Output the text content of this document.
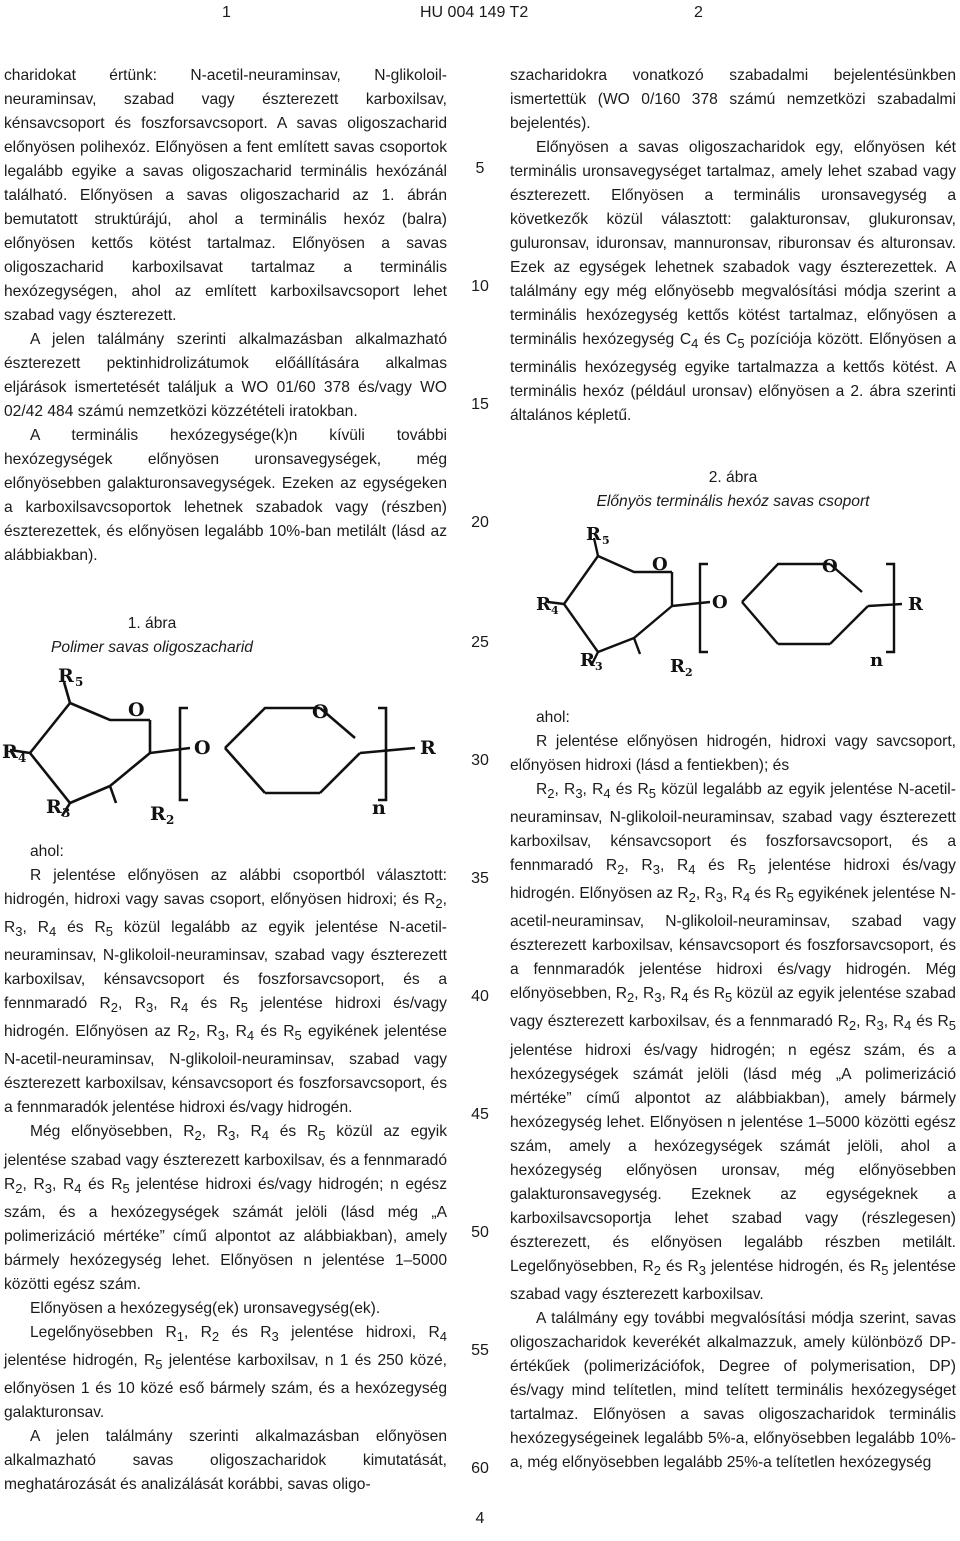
1	HU 004 149 T2	2

charidokat értünk: N-acetil-neuraminsav, N-glikoloil-neuraminsav, szabad vagy észterezett karboxilsav, kénsavcsoport és foszforsavcsoport. A savas oligoszacharid előnyösen polihexóz. Előnyösen a fent említett savas csoportok legalább egyike a savas oligoszacharid terminális hexózánál található. Előnyösen a savas oligoszacharid az 1. ábrán bemutatott struktúrájú, ahol a terminális hexóz (balra) előnyösen kettős kötést tartalmaz. Előnyösen a savas oligoszacharid karboxilsavat tartalmaz a terminális hexózegységen, ahol az említett karboxilsavcsoport lehet szabad vagy észterezett.

A jelen találmány szerinti alkalmazásban alkalmazható észterezett pektinhidrolizátumok előállítására alkalmas eljárások ismertetését találjuk a WO 01/60 378 és/vagy WO 02/42 484 számú nemzetközi közzétételi iratokban.

A terminális hexózegysége(k)n kívüli további hexózegységek előnyösen uronsavegységek, még előnyösebben galakturonsavegységek. Ezeken az egységeken a karboxilsavcsoportok lehetnek szabadok vagy (részben) észterezettek, és előnyösen legalább 10%-ban metilált (lásd az alábbiakban).

1. ábra
Polimer savas oligoszacharid
R 5
O
R 4	O
O
R
R 3	R 2
n

ahol:

R jelentése előnyösen az alábbi csoportból választott: hidrogén, hidroxi vagy savas csoport, előnyösen hidroxi; és $R_2$, $R_3$, $R_4$ és $R_5$ közül legalább az egyik jelentése N-acetil-neuraminsav, N-glikoloil-neuraminsav, szabad vagy észterezett karboxilsav, kénsavcsoport és foszforsavcsoport, és a fennmaradó $R_2$, $R_3$, $R_4$ és $R_5$ jelentése hidroxi és/vagy hidrogén. Előnyösen az $R_2$, $R_3$, $R_4$ és $R_5$ egyikének jelentése N-acetil-neuraminsav, N-glikoloil-neuraminsav, szabad vagy észterezett karboxilsav, kénsavcsoport és foszforsavcsoport, és a fennmaradók jelentése hidroxi és/vagy hidrogén.

Még előnyösebben, $R_2$, $R_3$, $R_4$ és $R_5$ közül az egyik jelentése szabad vagy észterezett karboxilsav, és a fennmaradó $R_2$, $R_3$, $R_4$ és $R_5$ jelentése hidroxi és/vagy hidrogén; n egész szám, és a hexózegységek számát jelöli (lásd még „A polimerizáció mértéke” című alpontot az alábbiakban), amely bármely hexózegység lehet. Előnyösen n jelentése 1–5000 közötti egész szám.

Előnyösen a hexózegység(ek) uronsavegység(ek).

Legelőnyösebben $R_1$, $R_2$ és $R_3$ jelentése hidroxi, $R_4$ jelentése hidrogén, $R_5$ jelentése karboxilsav, n 1 és 250 közé, előnyösen 1 és 10 közé eső bármely szám, és a hexózegység galakturonsav.

A jelen találmány szerinti alkalmazásban előnyösen alkalmazható savas oligoszacharidok kimutatását, meghatározását és analizálását korábbi, savas oligo-

5
10
15
20
25
30
35
40
45
50
55
60

szacharidokra vonatkozó szabadalmi bejelentésünkben ismertettük (WO 0/160 378 számú nemzetközi szabadalmi bejelentés).

Előnyösen a savas oligoszacharidok egy, előnyösen két terminális uronsavegységet tartalmaz, amely lehet szabad vagy észterezett. Előnyösen a terminális uronsavegység a következők közül választott: galakturonsav, glukuronsav, guluronsav, iduronsav, mannuronsav, riburonsav és alturonsav. Ezek az egységek lehetnek szabadok vagy észterezettek. A találmány egy még előnyösebb megvalósítási módja szerint a terminális hexózegység kettős kötést tartalmaz, előnyösen a terminális hexózegység $C_4$ és $C_5$ pozíciója között. Előnyösen a terminális hexózegység egyike tartalmazza a kettős kötést. A terminális hexóz (például uronsav) előnyösen a 2. ábra szerinti általános képletű.

2. ábra
Előnyös terminális hexóz savas csoport
R 5
O
R 4	O
O
R
R 3	R 2
n

ahol:

R jelentése előnyösen hidrogén, hidroxi vagy savcsoport, előnyösen hidroxi (lásd a fentiekben); és

$R_2$, $R_3$, $R_4$ és $R_5$ közül legalább az egyik jelentése N-acetil-neuraminsav, N-glikoloil-neuraminsav, szabad vagy észterezett karboxilsav, kénsavcsoport és foszforsavcsoport, és a fennmaradó $R_2$, $R_3$, $R_4$ és $R_5$ jelentése hidroxi és/vagy hidrogén. Előnyösen az $R_2$, $R_3$, $R_4$ és $R_5$ egyikének jelentése N-acetil-neuraminsav, N-glikoloil-neuraminsav, szabad vagy észterezett karboxilsav, kénsavcsoport és foszforsavcsoport, és a fennmaradók jelentése hidroxi és/vagy hidrogén. Még előnyösebben, $R_2$, $R_3$, $R_4$ és $R_5$ közül az egyik jelentése szabad vagy észterezett karboxilsav, és a fennmaradó $R_2$, $R_3$, $R_4$ és $R_5$ jelentése hidroxi és/vagy hidrogén; n egész szám, és a hexózegységek számát jelöli (lásd még „A polimerizáció mértéke” című alpontot az alábbiakban), amely bármely hexózegység lehet. Előnyösen n jelentése 1–5000 közötti egész szám, amely a hexózegységek számát jelöli, ahol a hexózegység előnyösen uronsav, még előnyösebben galakturonsavegység. Ezeknek az egységeknek a karboxilsavcsoportja lehet szabad vagy (részlegesen) észterezett, és előnyösen legalább részben metilált. Legelőnyösebben, $R_2$ és $R_3$ jelentése hidrogén, és $R_5$ jelentése szabad vagy észterezett karboxilsav.

A találmány egy további megvalósítási módja szerint, savas oligoszacharidok keverékét alkalmazzuk, amely különböző DP-értékűek (polimerizációfok, Degree of polymerisation, DP) és/vagy mind telítetlen, mind telített terminális hexózegységet tartalmaz. Előnyösen a savas oligoszacharidok terminális hexózegységeinek legalább 5%-a, előnyösebben legalább 10%-a, még előnyösebben legalább 25%-a telítetlen hexózegység

4
